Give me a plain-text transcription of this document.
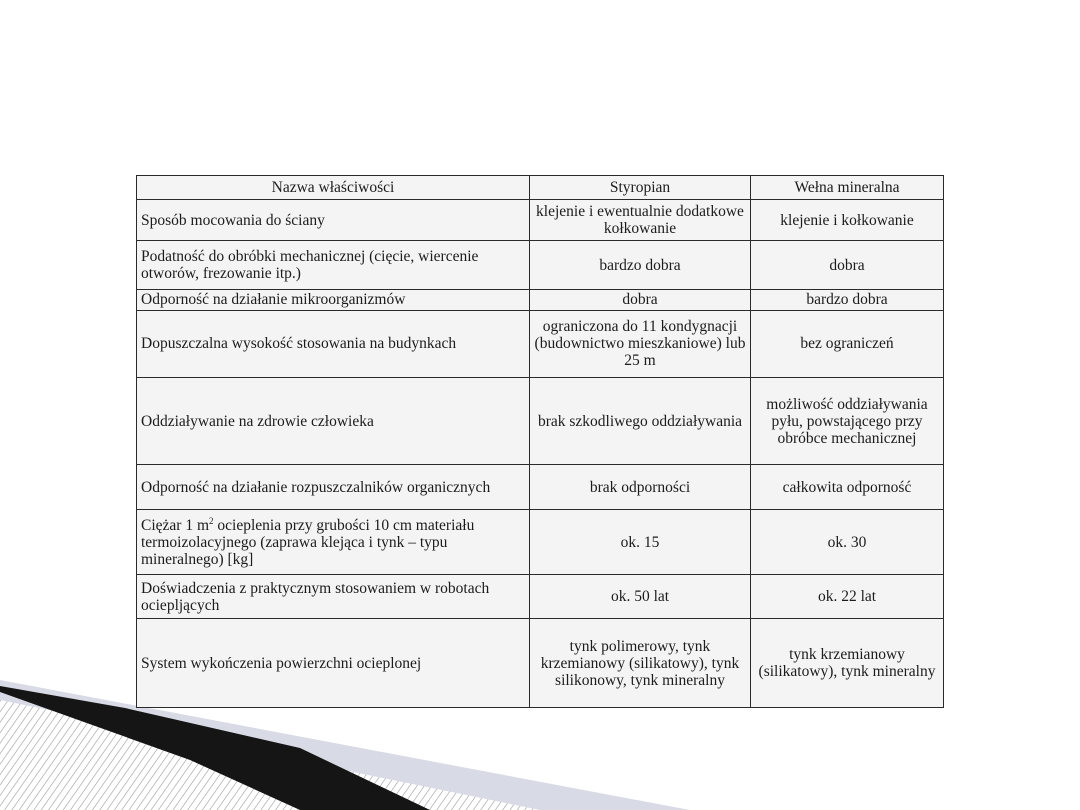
Nazwa właściwości	Styropian	Wełna mineralna
Sposób mocowania do ściany	klejenie i ewentualnie dodatkowe kołkowanie	klejenie i kołkowanie
Podatność do obróbki mechanicznej (cięcie, wiercenie otworów, frezowanie itp.)	bardzo dobra	dobra
Odporność na działanie mikroorganizmów	dobra	bardzo dobra
Dopuszczalna wysokość stosowania na budynkach	ograniczona do 11 kondygnacji (budownictwo mieszkaniowe) lub 25 m	bez ograniczeń
Oddziaływanie na zdrowie człowieka	brak szkodliwego oddziaływania	możliwość oddziaływania pyłu, powstającego przy obróbce mechanicznej
Odporność na działanie rozpuszczalników organicznych	brak odporności	całkowita odporność
Ciężar 1 $m^2$ ocieplenia przy grubości 10 cm materiału termoizolacyjnego (zaprawa klejąca i tynk – typu mineralnego) [kg]	ok. 15	ok. 30
Doświadczenia z praktycznym stosowaniem w robotach ociepljących	ok. 50 lat	ok. 22 lat
System wykończenia powierzchni ocieplonej	tynk polimerowy, tynk krzemianowy (silikatowy), tynk silikonowy, tynk mineralny	tynk krzemianowy (silikatowy), tynk mineralny
